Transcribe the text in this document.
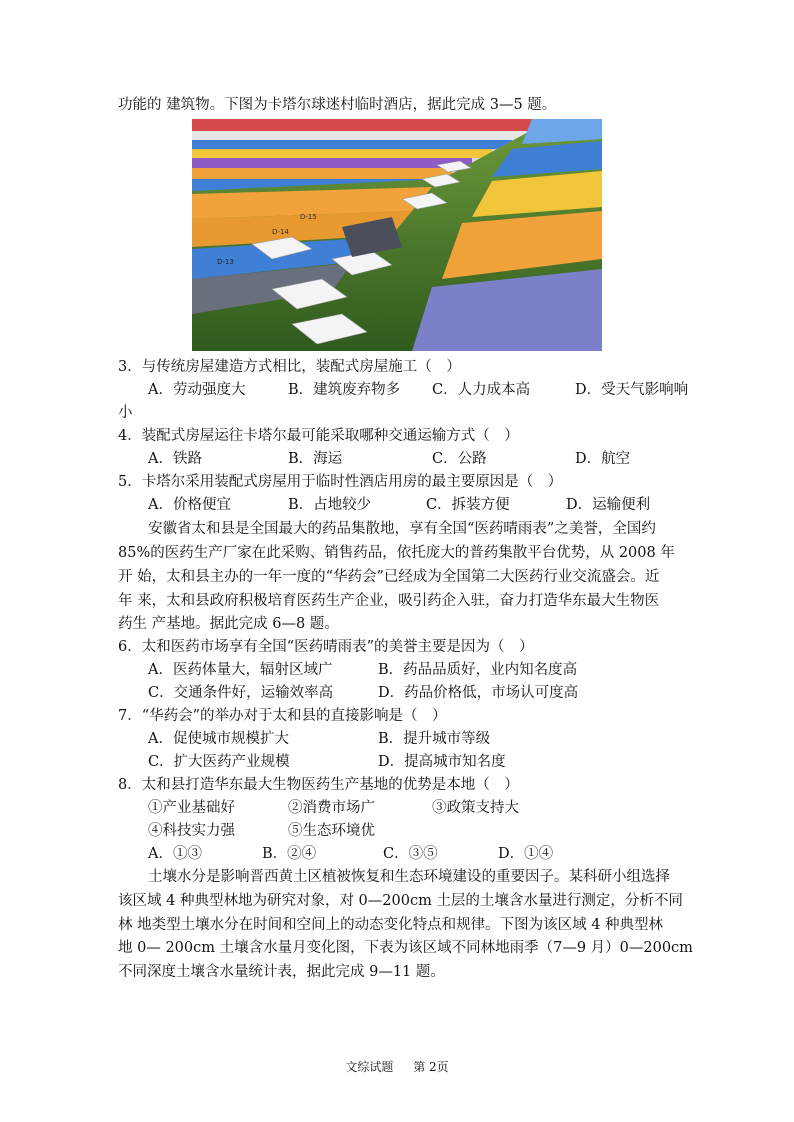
功能的 建筑物。下图为卡塔尔球迷村临时酒店，据此完成 3—5 题。
D-15
D-14
D-13
3．与传统房屋建造方式相比，装配式房屋施工（　）
A．劳动强度大	B．建筑废弃物多 C．人力成本高	D．受天气影响响
小
4．装配式房屋运往卡塔尔最可能采取哪种交通运输方式（　）
A．铁路	B．海运	C．公路	D．航空
5．卡塔尔采用装配式房屋用于临时性酒店用房的最主要原因是（　）
A．价格便宜	B．占地较少	C．拆装方便	D．运输便利
安徽省太和县是全国最大的药品集散地，享有全国“医药晴雨表”之美誉，全国约
85%的医药生产厂家在此采购、销售药品，依托庞大的普药集散平台优势，从 2008 年
开 始，太和县主办的一年一度的“华药会”已经成为全国第二大医药行业交流盛会。近
年 来，太和县政府积极培育医药生产企业，吸引药企入驻，奋力打造华东最大生物医
药生 产基地。据此完成 6—8 题。
6．太和医药市场享有全国“医药晴雨表”的美誉主要是因为（　）
A．医药体量大，辐射区域广	B．药品品质好，业内知名度高
C．交通条件好，运输效率高	D．药品价格低，市场认可度高
7．“华药会”的举办对于太和县的直接影响是（　）
A．促使城市规模扩大	B．提升城市等级
C．扩大医药产业规模	D．提高城市知名度
8．太和县打造华东最大生物医药生产基地的优势是本地（　）
①产业基础好	②消费市场广	③政策支持大
④科技实力强	⑤生态环境优
A．①③	B．②④	C．③⑤	D．①④
土壤水分是影响晋西黄土区植被恢复和生态环境建设的重要因子。某科研小组选择
该区域 4 种典型林地为研究对象，对 0—200cm 土层的土壤含水量进行测定，分析不同
林 地类型土壤水分在时间和空间上的动态变化特点和规律。下图为该区域 4 种典型林
地 0— 200cm 土壤含水量月变化图，下表为该区域不同林地雨季（7—9 月）0—200cm
不同深度土壤含水量统计表，据此完成 9—11 题。
文综试题 第 2页
